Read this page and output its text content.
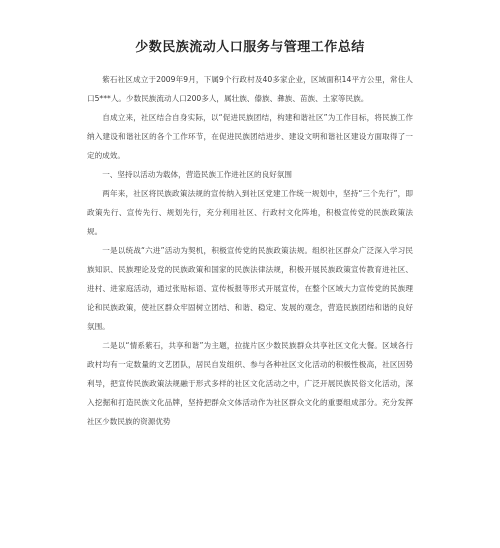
少数民族流动人口服务与管理工作总结

紫石社区成立于2009年9月，下属9个行政村及40多家企业，区域面积14平方公里，常住人口5***人。少数民族流动人口200多人，属壮族、傣族、彝族、苗族、土家等民族。

自成立来，社区结合自身实际，以“促进民族团结，构建和谐社区”为工作目标，将民族工作纳入建设和谐社区的各个工作环节，在促进民族团结进步、建设文明和谐社区建设方面取得了一定的成效。

一、坚持以活动为载体，营造民族工作进社区的良好氛围

两年来，社区将民族政策法规的宣传纳入到社区党建工作统一规划中，坚持“三个先行”，即政策先行、宣传先行、规划先行，充分利用社区、行政村文化阵地，积极宣传党的民族政策法规。

一是以统战“六进”活动为契机，积极宣传党的民族政策法规。组织社区群众广泛深入学习民族知识、民族理论及党的民族政策和国家的民族法律法规，积极开展民族政策宣传教育进社区、进村、进家庭活动，通过张贴标语、宣传板报等形式开展宣传，在整个区域大力宣传党的民族理论和民族政策，使社区群众牢固树立团结、和谐、稳定、发展的观念，营造民族团结和谐的良好氛围。

二是以“情系紫石，共享和谐”为主题，拉拢片区少数民族群众共享社区文化大餐。区域各行政村均有一定数量的文艺团队，居民自发组织、参与各种社区文化活动的积极性极高，社区因势利导，把宣传民族政策法规融于形式多样的社区文化活动之中，广泛开展民族民俗文化活动，深入挖掘和打造民族文化品牌，坚持把群众文体活动作为社区群众文化的重要组成部分。充分发挥社区少数民族的资源优势
